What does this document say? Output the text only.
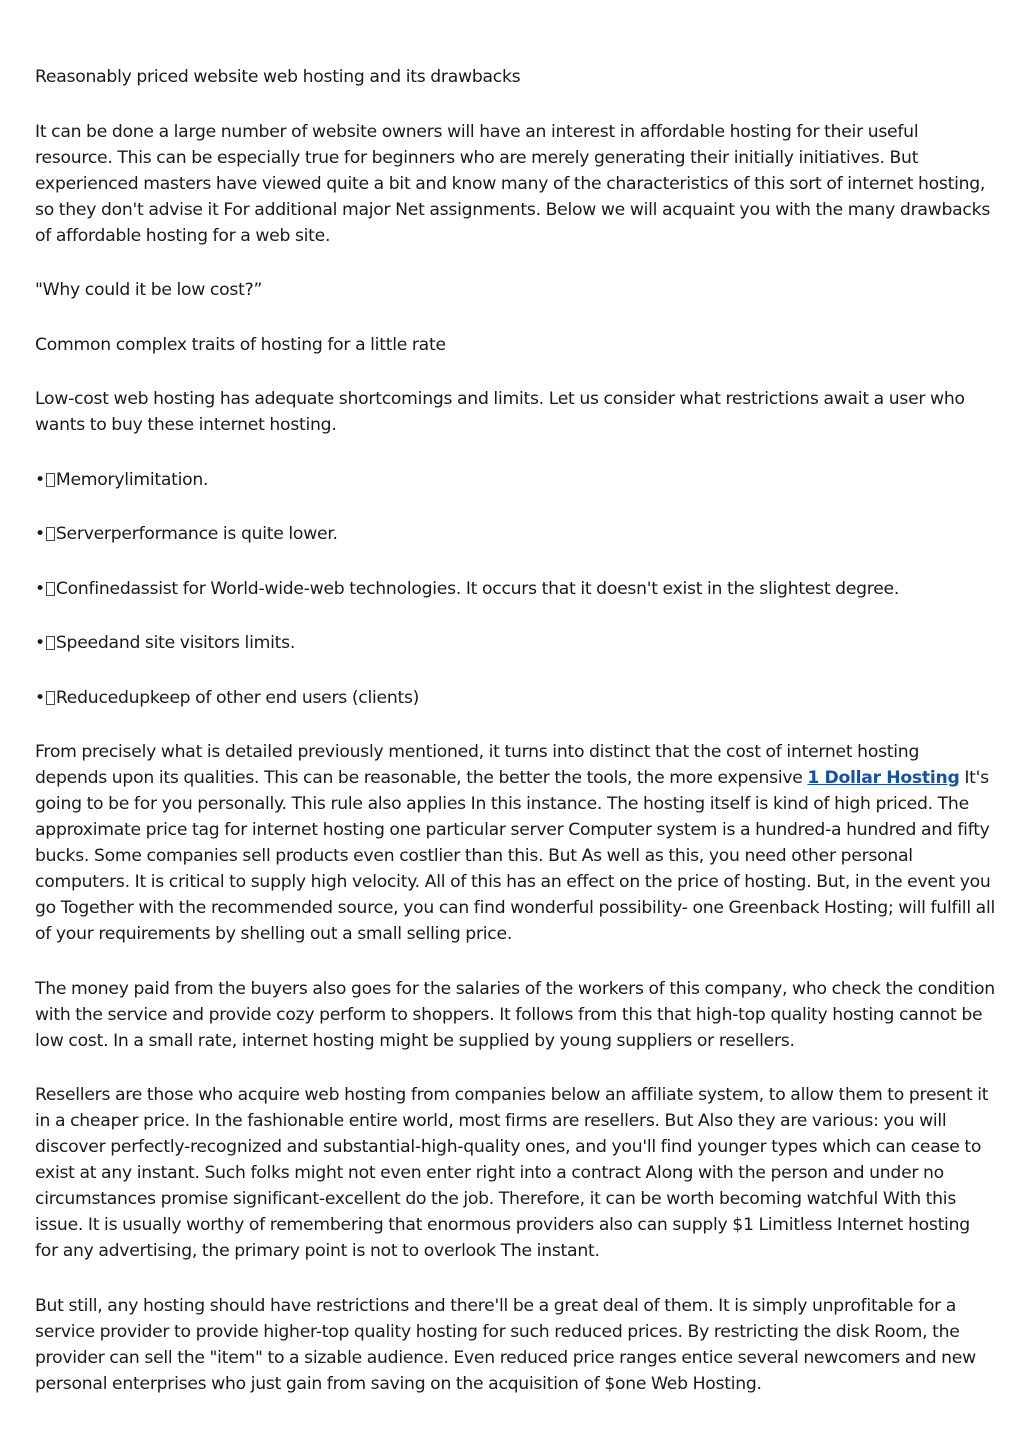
Reasonably priced website web hosting and its drawbacks

It can be done a large number of website owners will have an interest in affordable hosting for their useful resource. This can be especially true for beginners who are merely generating their initially initiatives. But experienced masters have viewed quite a bit and know many of the characteristics of this sort of internet hosting, so they don't advise it For additional major Net assignments. Below we will acquaint you with the many drawbacks of affordable hosting for a web site.

"Why could it be low cost?”

Common complex traits of hosting for a little rate

Low-cost web hosting has adequate shortcomings and limits. Let us consider what restrictions await a user who wants to buy these internet hosting.

• Memorylimitation.

• Serverperformance is quite lower.

• Confinedassist for World-wide-web technologies. It occurs that it doesn't exist in the slightest degree.

• Speedand site visitors limits.

• Reducedupkeep of other end users (clients)

From precisely what is detailed previously mentioned, it turns into distinct that the cost of internet hosting depends upon its qualities. This can be reasonable, the better the tools, the more expensive 1 Dollar Hosting It's going to be for you personally. This rule also applies In this instance. The hosting itself is kind of high priced. The approximate price tag for internet hosting one particular server Computer system is a hundred-a hundred and fifty bucks. Some companies sell products even costlier than this. But As well as this, you need other personal computers. It is critical to supply high velocity. All of this has an effect on the price of hosting. But, in the event you go Together with the recommended source, you can find wonderful possibility- one Greenback Hosting; will fulfill all of your requirements by shelling out a small selling price.

The money paid from the buyers also goes for the salaries of the workers of this company, who check the condition with the service and provide cozy perform to shoppers. It follows from this that high-top quality hosting cannot be low cost. In a small rate, internet hosting might be supplied by young suppliers or resellers.

Resellers are those who acquire web hosting from companies below an affiliate system, to allow them to present it in a cheaper price. In the fashionable entire world, most firms are resellers. But Also they are various: you will discover perfectly-recognized and substantial-high-quality ones, and you'll find younger types which can cease to exist at any instant. Such folks might not even enter right into a contract Along with the person and under no circumstances promise significant-excellent do the job. Therefore, it can be worth becoming watchful With this issue. It is usually worthy of remembering that enormous providers also can supply $1 Limitless Internet hosting for any advertising, the primary point is not to overlook The instant.

But still, any hosting should have restrictions and there'll be a great deal of them. It is simply unprofitable for a service provider to provide higher-top quality hosting for such reduced prices. By restricting the disk Room, the provider can sell the "item" to a sizable audience. Even reduced price ranges entice several newcomers and new personal enterprises who just gain from saving on the acquisition of $one Web Hosting.
